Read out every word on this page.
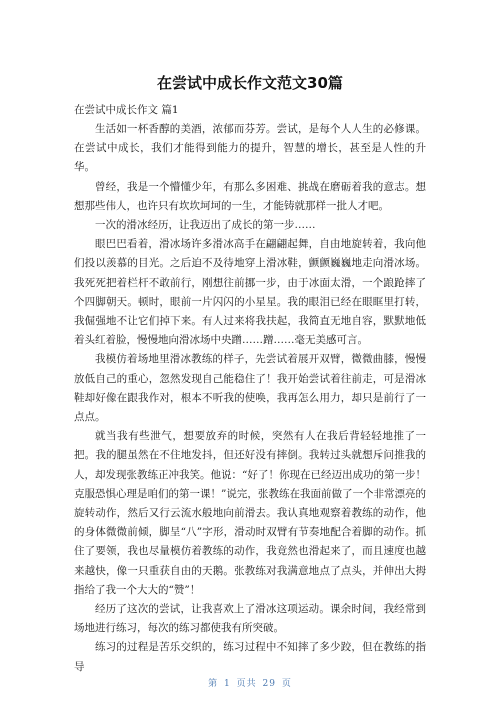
在尝试中成长作文范文30篇

在尝试中成长作文 篇1

生活如一杯香醇的美酒，浓郁而芬芳。尝试，是每个人人生的必修课。在尝试中成长，我们才能得到能力的提升，智慧的增长，甚至是人性的升华。

曾经，我是一个懵懂少年，有那么多困难、挑战在磨砺着我的意志。想想那些伟人，也许只有坎坎坷坷的一生，才能铸就那样一批人才吧。

一次的滑冰经历，让我迈出了成长的第一步……

眼巴巴看着，滑冰场许多滑冰高手在翩翩起舞，自由地旋转着，我向他们投以羡慕的目光。之后迫不及待地穿上滑冰鞋，颤颤巍巍地走向滑冰场。我死死把着栏杆不敢前行，刚想往前挪一步，由于冰面太滑，一个踉跄摔了个四脚朝天。顿时，眼前一片闪闪的小星星。我的眼泪已经在眼眶里打转，我倔强地不让它们掉下来。有人过来将我扶起，我简直无地自容，默默地低着头红着脸，慢慢地向滑冰场中央蹭……蹭……毫无美感可言。

我模仿着场地里滑冰教练的样子，先尝试着展开双臂，微微曲膝，慢慢放低自己的重心，忽然发现自己能稳住了！我开始尝试着往前走，可是滑冰鞋却好像在跟我作对，根本不听我的使唤，我再怎么用力，却只是前行了一点点。

就当我有些泄气，想要放弃的时候，突然有人在我后背轻轻地推了一把。我的腿虽然在不住地发抖，但还好没有摔倒。我转过头就想斥问推我的人，却发现张教练正冲我笑。他说：“好了！你现在已经迈出成功的第一步！克服恐惧心理是咱们的第一课！”说完，张教练在我面前做了一个非常漂亮的旋转动作，然后又行云流水般地向前滑去。我认真地观察着教练的动作，他的身体微微前倾，脚呈“八”字形，滑动时双臂有节奏地配合着脚的动作。抓住了要领，我也尽量模仿着教练的动作，我竟然也滑起来了，而且速度也越来越快，像一只重获自由的天鹅。张教练对我满意地点了点头，并伸出大拇指给了我一个大大的“赞”！

经历了这次的尝试，让我喜欢上了滑冰这项运动。课余时间，我经常到场地进行练习，每次的练习都使我有所突破。

练习的过程是苦乐交织的，练习过程中不知摔了多少跤，但在教练的指导

第 1 页共 29 页
